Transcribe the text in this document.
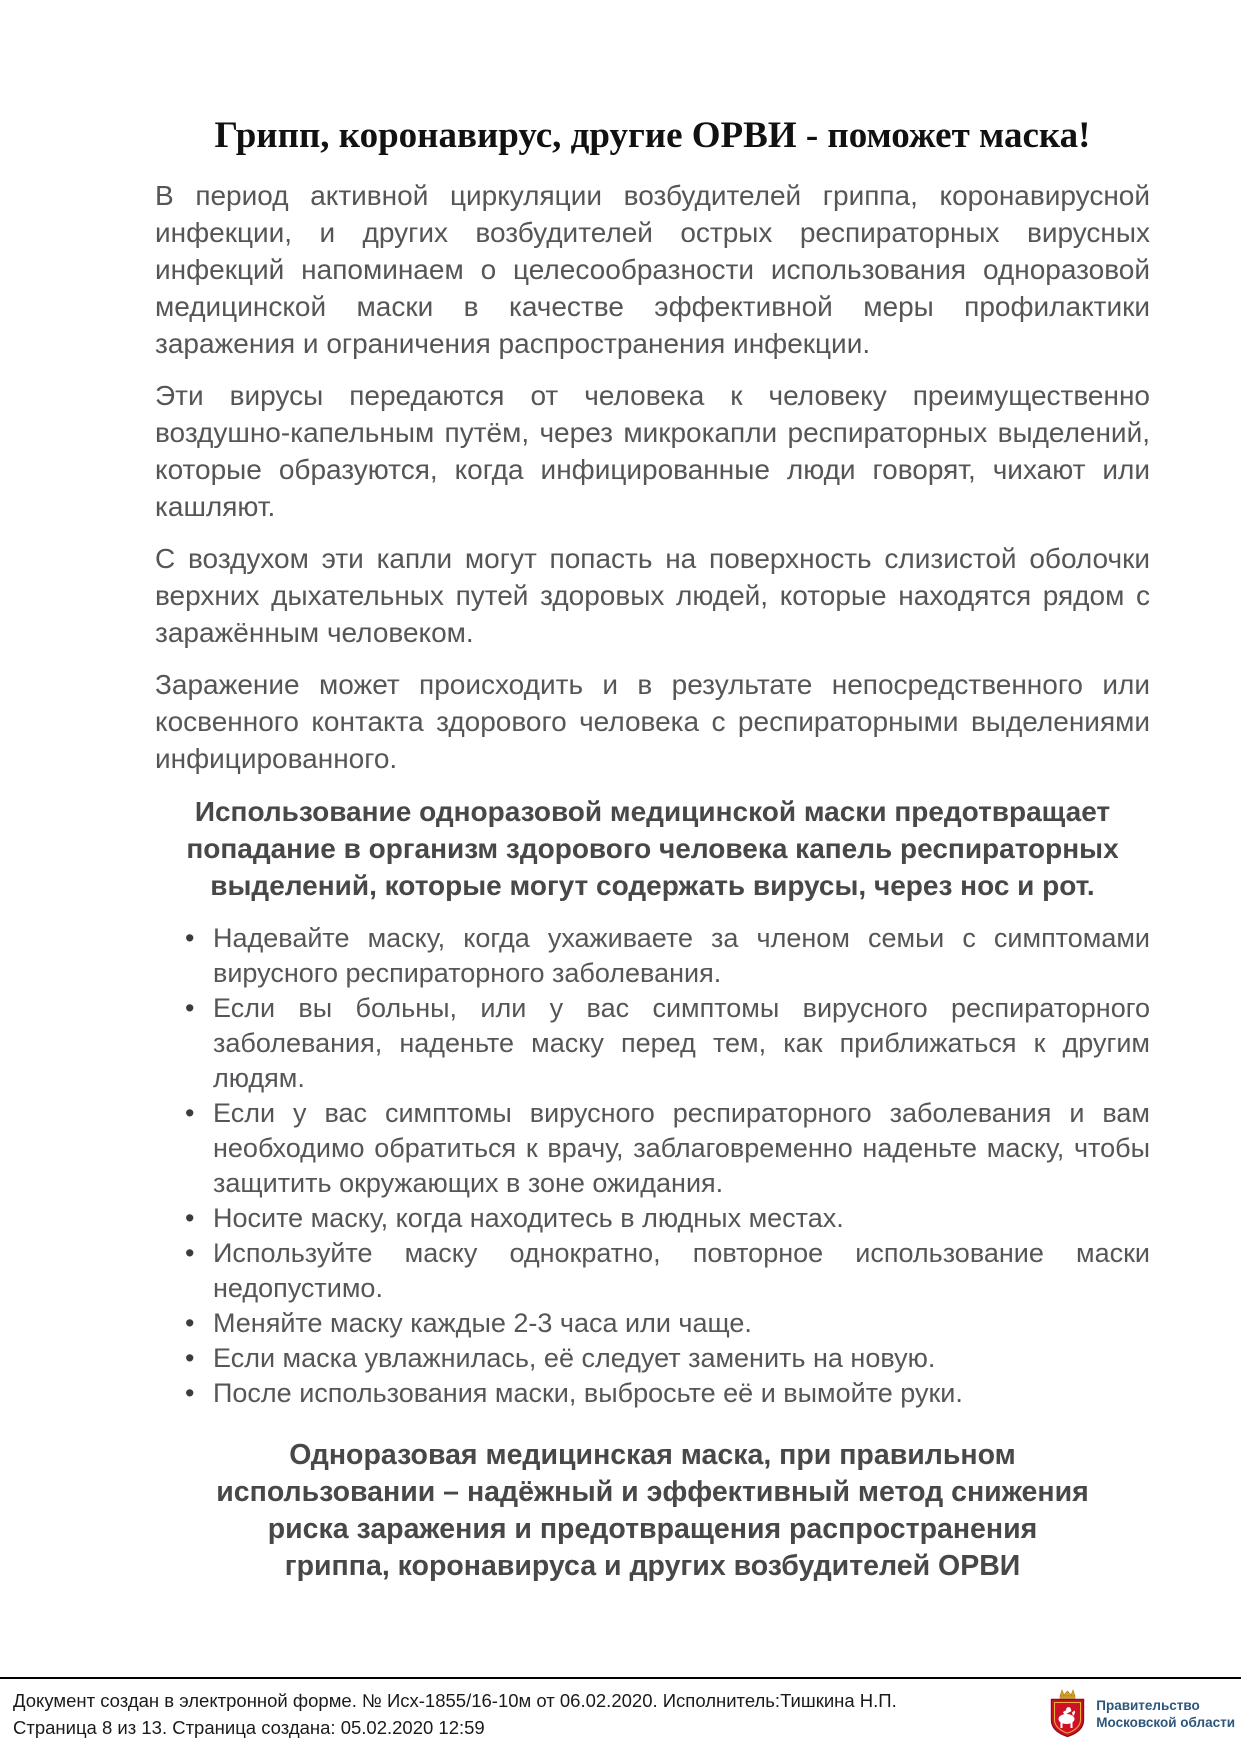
Грипп, коронавирус, другие ОРВИ - поможет маска!

В период активной циркуляции возбудителей гриппа, коронавирусной инфекции, и других возбудителей острых респираторных вирусных инфекций напоминаем о целесообразности использования одноразовой медицинской маски в качестве эффективной меры профилактики заражения и ограничения распространения инфекции.

Эти вирусы передаются от человека к человеку преимущественно воздушно-капельным путём, через микрокапли респираторных выделений, которые образуются, когда инфицированные люди говорят, чихают или кашляют.

С воздухом эти капли могут попасть на поверхность слизистой оболочки верхних дыхательных путей здоровых людей, которые находятся рядом с заражённым человеком.

Заражение может происходить и в результате непосредственного или косвенного контакта здорового человека с респираторными выделениями инфицированного.

Использование одноразовой медицинской маски предотвращает попадание в организм здорового человека капель респираторных выделений, которые могут содержать вирусы, через нос и рот.

• Надевайте маску, когда ухаживаете за членом семьи с симптомами вирусного респираторного заболевания.
• Если вы больны, или у вас симптомы вирусного респираторного заболевания, наденьте маску перед тем, как приближаться к другим людям.
• Если у вас симптомы вирусного респираторного заболевания и вам необходимо обратиться к врачу, заблаговременно наденьте маску, чтобы защитить окружающих в зоне ожидания.
• Носите маску, когда находитесь в людных местах.
• Используйте маску однократно, повторное использование маски недопустимо.
• Меняйте маску каждые 2-3 часа или чаще.
• Если маска увлажнилась, её следует заменить на новую.
• После использования маски, выбросьте её и вымойте руки.

Одноразовая медицинская маска, при правильном использовании – надёжный и эффективный метод снижения риска заражения и предотвращения распространения гриппа, коронавируса и других возбудителей ОРВИ

Документ создан в электронной форме. № Исх-1855/16-10м от 06.02.2020. Исполнитель:Тишкина Н.П.
Страница 8 из 13. Страница создана: 05.02.2020 12:59
Правительство
Московской области
